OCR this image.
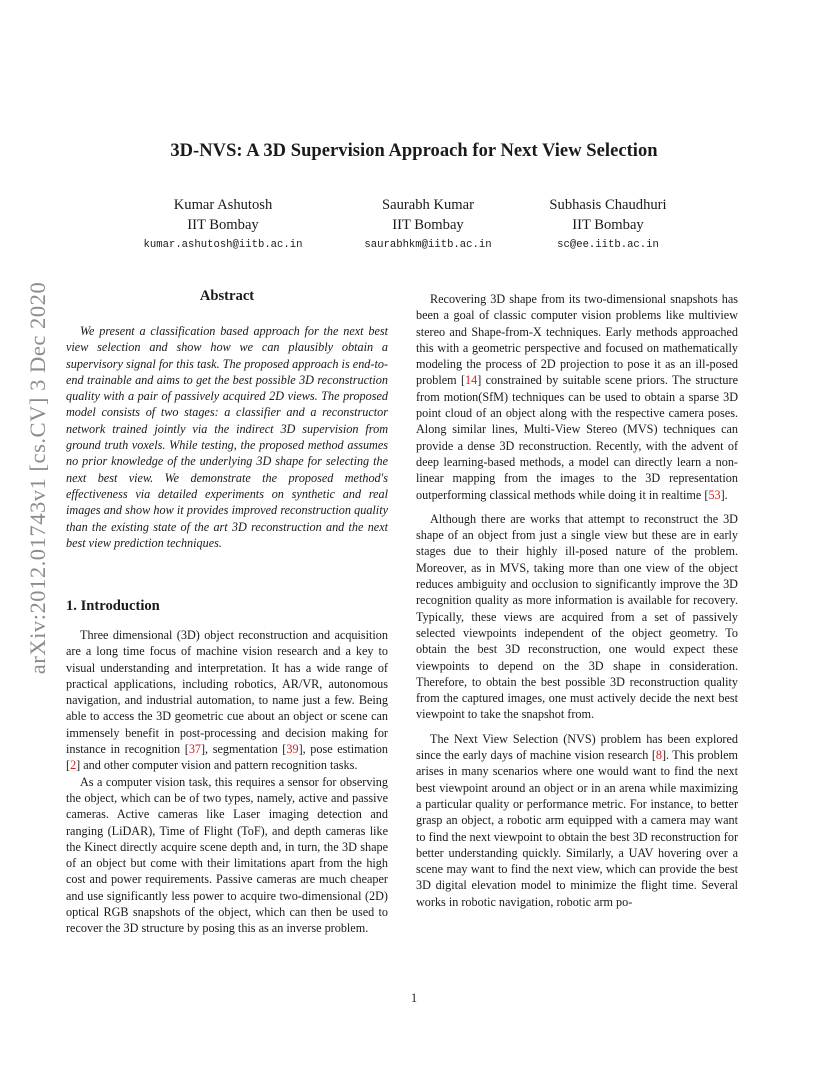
arXiv:2012.01743v1 [cs.CV] 3 Dec 2020
3D-NVS: A 3D Supervision Approach for Next View Selection
Kumar Ashutosh
IIT Bombay
kumar.ashutosh@iitb.ac.in
Saurabh Kumar
IIT Bombay
saurabhkm@iitb.ac.in
Subhasis Chaudhuri
IIT Bombay
sc@ee.iitb.ac.in
Abstract

We present a classification based approach for the next best view selection and show how we can plausibly obtain a supervisory signal for this task. The proposed approach is end-to-end trainable and aims to get the best possible 3D reconstruction quality with a pair of passively acquired 2D views. The proposed model consists of two stages: a classifier and a reconstructor network trained jointly via the indirect 3D supervision from ground truth voxels. While testing, the proposed method assumes no prior knowledge of the underlying 3D shape for selecting the next best view. We demonstrate the proposed method's effectiveness via detailed experiments on synthetic and real images and show how it provides improved reconstruction quality than the existing state of the art 3D reconstruction and the next best view prediction techniques.

1. Introduction

Three dimensional (3D) object reconstruction and acquisition are a long time focus of machine vision research and a key to visual understanding and interpretation. It has a wide range of practical applications, including robotics, AR/VR, autonomous navigation, and industrial automation, to name just a few. Being able to access the 3D geometric cue about an object or scene can immensely benefit in post-processing and decision making for instance in recognition [37], segmentation [39], pose estimation [2] and other computer vision and pattern recognition tasks.

As a computer vision task, this requires a sensor for observing the object, which can be of two types, namely, active and passive cameras. Active cameras like Laser imaging detection and ranging (LiDAR), Time of Flight (ToF), and depth cameras like the Kinect directly acquire scene depth and, in turn, the 3D shape of an object but come with their limitations apart from the high cost and power requirements. Passive cameras are much cheaper and use significantly less power to acquire two-dimensional (2D) optical RGB snapshots of the object, which can then be used to recover the 3D structure by posing this as an inverse problem.

Recovering 3D shape from its two-dimensional snapshots has been a goal of classic computer vision problems like multiview stereo and Shape-from-X techniques. Early methods approached this with a geometric perspective and focused on mathematically modeling the process of 2D projection to pose it as an ill-posed problem [14] constrained by suitable scene priors. The structure from motion(SfM) techniques can be used to obtain a sparse 3D point cloud of an object along with the respective camera poses. Along similar lines, Multi-View Stereo (MVS) techniques can provide a dense 3D reconstruction. Recently, with the advent of deep learning-based methods, a model can directly learn a non-linear mapping from the images to the 3D representation outperforming classical methods while doing it in realtime [53].

Although there are works that attempt to reconstruct the 3D shape of an object from just a single view but these are in early stages due to their highly ill-posed nature of the problem. Moreover, as in MVS, taking more than one view of the object reduces ambiguity and occlusion to significantly improve the 3D recognition quality as more information is available for recovery. Typically, these views are acquired from a set of passively selected viewpoints independent of the object geometry. To obtain the best 3D reconstruction, one would expect these viewpoints to depend on the 3D shape in consideration. Therefore, to obtain the best possible 3D reconstruction quality from the captured images, one must actively decide the next best viewpoint to take the snapshot from.

The Next View Selection (NVS) problem has been explored since the early days of machine vision research [8]. This problem arises in many scenarios where one would want to find the next best viewpoint around an object or in an arena while maximizing a particular quality or performance metric. For instance, to better grasp an object, a robotic arm equipped with a camera may want to find the next viewpoint to obtain the best 3D reconstruction for better understanding quickly. Similarly, a UAV hovering over a scene may want to find the next view, which can provide the best 3D digital elevation model to minimize the flight time. Several works in robotic navigation, robotic arm po-

1
